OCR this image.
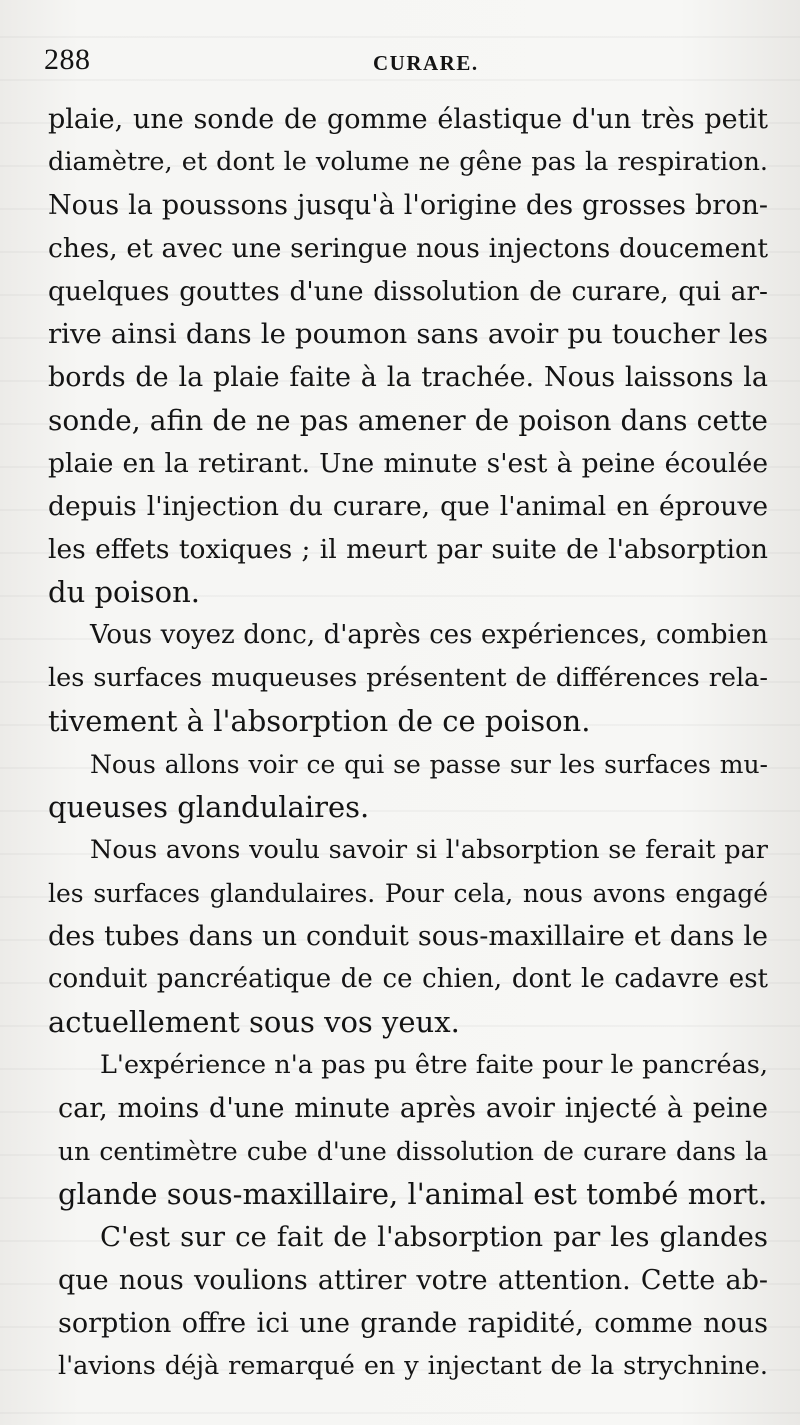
288	CURARE.
plaie, une sonde de gomme élastique d'un très petit
diamètre, et dont le volume ne gêne pas la respiration.
Nous la poussons jusqu'à l'origine des grosses bron-
ches, et avec une seringue nous injectons doucement
quelques gouttes d'une dissolution de curare, qui ar-
rive ainsi dans le poumon sans avoir pu toucher les
bords de la plaie faite à la trachée. Nous laissons la
sonde, afin de ne pas amener de poison dans cette
plaie en la retirant. Une minute s'est à peine écoulée
depuis l'injection du curare, que l'animal en éprouve
les effets toxiques ; il meurt par suite de l'absorption
du poison.
Vous voyez donc, d'après ces expériences, combien
les surfaces muqueuses présentent de différences rela-
tivement à l'absorption de ce poison.
Nous allons voir ce qui se passe sur les surfaces mu-
queuses glandulaires.
Nous avons voulu savoir si l'absorption se ferait par
les surfaces glandulaires. Pour cela, nous avons engagé
des tubes dans un conduit sous-maxillaire et dans le
conduit pancréatique de ce chien, dont le cadavre est
actuellement sous vos yeux.
L'expérience n'a pas pu être faite pour le pancréas,
car, moins d'une minute après avoir injecté à peine
un centimètre cube d'une dissolution de curare dans la
glande sous-maxillaire, l'animal est tombé mort.
C'est sur ce fait de l'absorption par les glandes
que nous voulions attirer votre attention. Cette ab-
sorption offre ici une grande rapidité, comme nous
l'avions déjà remarqué en y injectant de la strychnine.
